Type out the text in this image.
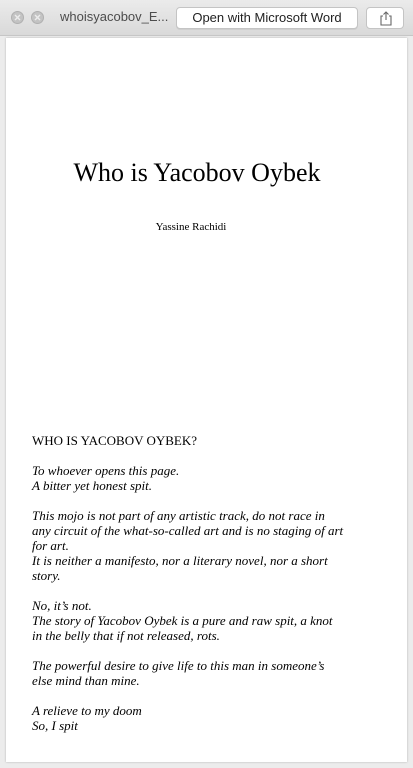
whoisyacobov_E...	Open with Microsoft Word
Who is Yacobov Oybek
Yassine Rachidi
WHO IS YACOBOV OYBEK?

To whoever opens this page.
A bitter yet honest spit.

This mojo is not part of any artistic track, do not race in
any circuit of the what-so-called art and is no staging of art
for art.
It is neither a manifesto, nor a literary novel, nor a short
story.

No, it’s not.
The story of Yacobov Oybek is a pure and raw spit, a knot
in the belly that if not released, rots.

The powerful desire to give life to this man in someone’s
else mind than mine.

A relieve to my doom
So, I spit
